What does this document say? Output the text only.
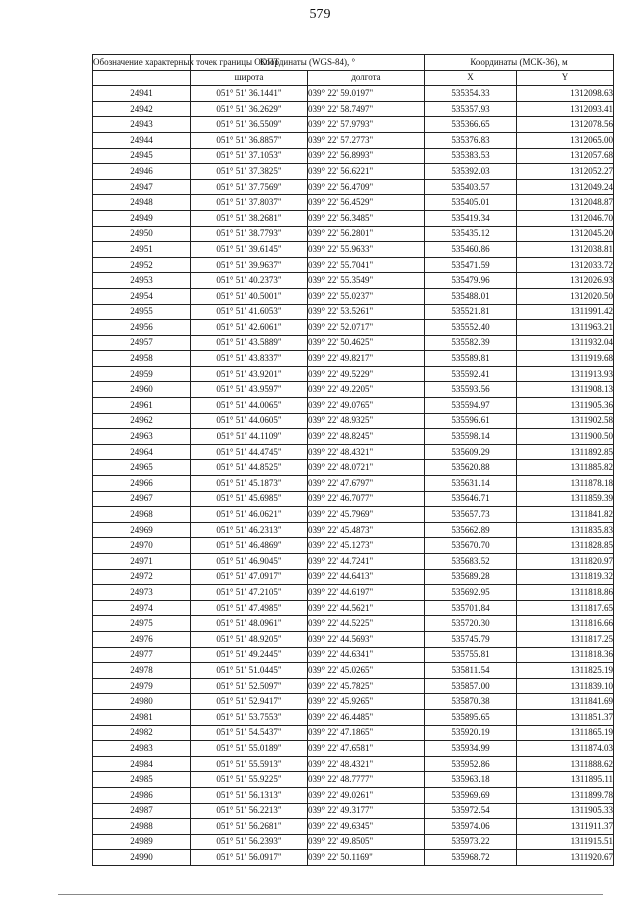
579
Обозначение характерных точек границы ООПТ	Координаты (WGS-84), °		Координаты (МСК-36), м	
	широта	долгота	X	Y
24941	051° 51' 36.1441"	039° 22' 59.0197"	535354.33	1312098.63
24942	051° 51' 36.2629"	039° 22' 58.7497"	535357.93	1312093.41
24943	051° 51' 36.5509"	039° 22' 57.9793"	535366.65	1312078.56
24944	051° 51' 36.8857"	039° 22' 57.2773"	535376.83	1312065.00
24945	051° 51' 37.1053"	039° 22' 56.8993"	535383.53	1312057.68
24946	051° 51' 37.3825"	039° 22' 56.6221"	535392.03	1312052.27
24947	051° 51' 37.7569"	039° 22' 56.4709"	535403.57	1312049.24
24948	051° 51' 37.8037"	039° 22' 56.4529"	535405.01	1312048.87
24949	051° 51' 38.2681"	039° 22' 56.3485"	535419.34	1312046.70
24950	051° 51' 38.7793"	039° 22' 56.2801"	535435.12	1312045.20
24951	051° 51' 39.6145"	039° 22' 55.9633"	535460.86	1312038.81
24952	051° 51' 39.9637"	039° 22' 55.7041"	535471.59	1312033.72
24953	051° 51' 40.2373"	039° 22' 55.3549"	535479.96	1312026.93
24954	051° 51' 40.5001"	039° 22' 55.0237"	535488.01	1312020.50
24955	051° 51' 41.6053"	039° 22' 53.5261"	535521.81	1311991.42
24956	051° 51' 42.6061"	039° 22' 52.0717"	535552.40	1311963.21
24957	051° 51' 43.5889"	039° 22' 50.4625"	535582.39	1311932.04
24958	051° 51' 43.8337"	039° 22' 49.8217"	535589.81	1311919.68
24959	051° 51' 43.9201"	039° 22' 49.5229"	535592.41	1311913.93
24960	051° 51' 43.9597"	039° 22' 49.2205"	535593.56	1311908.13
24961	051° 51' 44.0065"	039° 22' 49.0765"	535594.97	1311905.36
24962	051° 51' 44.0605"	039° 22' 48.9325"	535596.61	1311902.58
24963	051° 51' 44.1109"	039° 22' 48.8245"	535598.14	1311900.50
24964	051° 51' 44.4745"	039° 22' 48.4321"	535609.29	1311892.85
24965	051° 51' 44.8525"	039° 22' 48.0721"	535620.88	1311885.82
24966	051° 51' 45.1873"	039° 22' 47.6797"	535631.14	1311878.18
24967	051° 51' 45.6985"	039° 22' 46.7077"	535646.71	1311859.39
24968	051° 51' 46.0621"	039° 22' 45.7969"	535657.73	1311841.82
24969	051° 51' 46.2313"	039° 22' 45.4873"	535662.89	1311835.83
24970	051° 51' 46.4869"	039° 22' 45.1273"	535670.70	1311828.85
24971	051° 51' 46.9045"	039° 22' 44.7241"	535683.52	1311820.97
24972	051° 51' 47.0917"	039° 22' 44.6413"	535689.28	1311819.32
24973	051° 51' 47.2105"	039° 22' 44.6197"	535692.95	1311818.86
24974	051° 51' 47.4985"	039° 22' 44.5621"	535701.84	1311817.65
24975	051° 51' 48.0961"	039° 22' 44.5225"	535720.30	1311816.66
24976	051° 51' 48.9205"	039° 22' 44.5693"	535745.79	1311817.25
24977	051° 51' 49.2445"	039° 22' 44.6341"	535755.81	1311818.36
24978	051° 51' 51.0445"	039° 22' 45.0265"	535811.54	1311825.19
24979	051° 51' 52.5097"	039° 22' 45.7825"	535857.00	1311839.10
24980	051° 51' 52.9417"	039° 22' 45.9265"	535870.38	1311841.69
24981	051° 51' 53.7553"	039° 22' 46.4485"	535895.65	1311851.37
24982	051° 51' 54.5437"	039° 22' 47.1865"	535920.19	1311865.19
24983	051° 51' 55.0189"	039° 22' 47.6581"	535934.99	1311874.03
24984	051° 51' 55.5913"	039° 22' 48.4321"	535952.86	1311888.62
24985	051° 51' 55.9225"	039° 22' 48.7777"	535963.18	1311895.11
24986	051° 51' 56.1313"	039° 22' 49.0261"	535969.69	1311899.78
24987	051° 51' 56.2213"	039° 22' 49.3177"	535972.54	1311905.33
24988	051° 51' 56.2681"	039° 22' 49.6345"	535974.06	1311911.37
24989	051° 51' 56.2393"	039° 22' 49.8505"	535973.22	1311915.51
24990	051° 51' 56.0917"	039° 22' 50.1169"	535968.72	1311920.67
